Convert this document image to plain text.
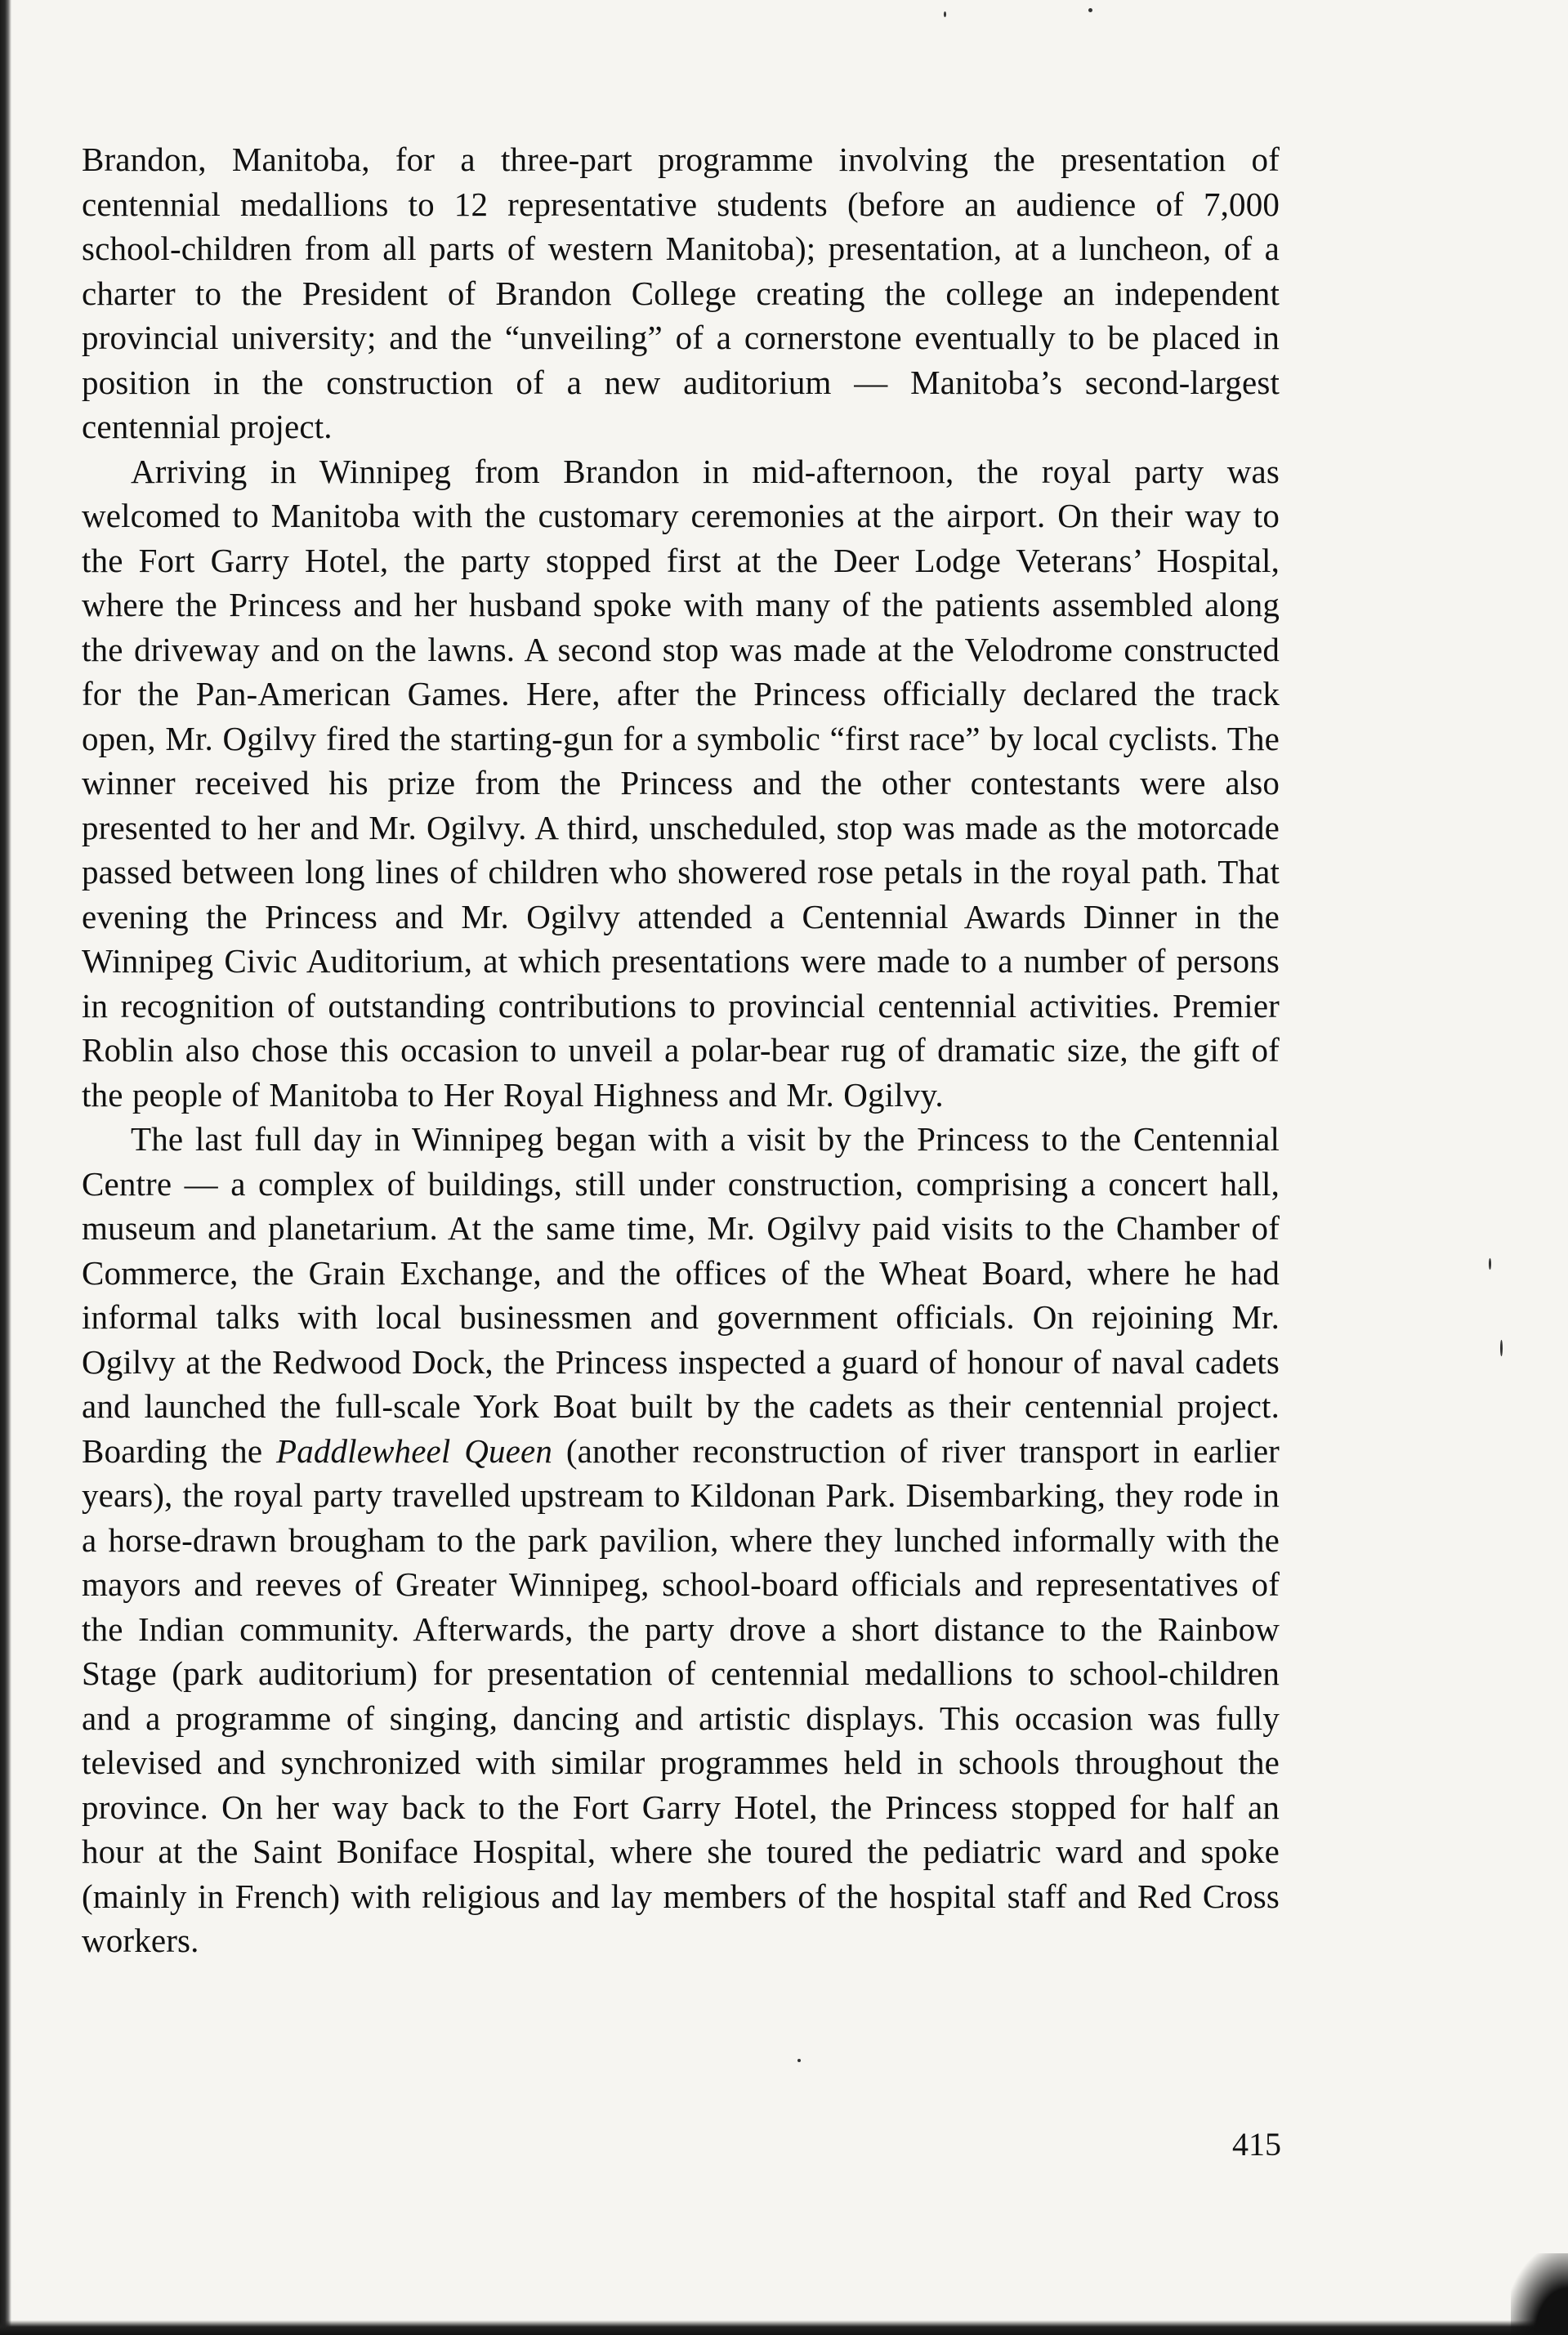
Brandon, Manitoba, for a three-part programme involving the presentation of centennial medallions to 12 representative students (before an audience of 7,000 school-children from all parts of western Manitoba); presentation, at a luncheon, of a charter to the President of Brandon College creating the college an independent provincial university; and the “unveiling” of a cornerstone eventually to be placed in position in the construction of a new auditorium — Manitoba’s second-largest centennial project.

Arriving in Winnipeg from Brandon in mid-afternoon, the royal party was welcomed to Manitoba with the customary ceremonies at the airport. On their way to the Fort Garry Hotel, the party stopped first at the Deer Lodge Veterans’ Hospital, where the Princess and her husband spoke with many of the patients assembled along the driveway and on the lawns. A second stop was made at the Velodrome constructed for the Pan-American Games. Here, after the Princess officially declared the track open, Mr. Ogilvy fired the starting-gun for a symbolic “first race” by local cyclists. The winner received his prize from the Princess and the other contestants were also presented to her and Mr. Ogilvy. A third, unscheduled, stop was made as the motorcade passed between long lines of children who showered rose petals in the royal path. That evening the Princess and Mr. Ogilvy attended a Centennial Awards Dinner in the Winnipeg Civic Auditorium, at which presentations were made to a number of persons in recognition of outstanding contributions to provincial centennial activities. Premier Roblin also chose this occasion to unveil a polar-bear rug of dramatic size, the gift of the people of Manitoba to Her Royal Highness and Mr. Ogilvy.

The last full day in Winnipeg began with a visit by the Princess to the Centennial Centre — a complex of buildings, still under construction, comprising a concert hall, museum and planetarium. At the same time, Mr. Ogilvy paid visits to the Chamber of Commerce, the Grain Exchange, and the offices of the Wheat Board, where he had informal talks with local businessmen and government officials. On rejoining Mr. Ogilvy at the Redwood Dock, the Princess inspected a guard of honour of naval cadets and launched the full-scale York Boat built by the cadets as their centennial project. Boarding the Paddlewheel Queen (another reconstruction of river transport in earlier years), the royal party travelled upstream to Kildonan Park. Disembarking, they rode in a horse-drawn brougham to the park pavilion, where they lunched informally with the mayors and reeves of Greater Winnipeg, school-board officials and representatives of the Indian community. Afterwards, the party drove a short distance to the Rainbow Stage (park auditorium) for presentation of centennial medallions to school-children and a programme of singing, dancing and artistic displays. This occasion was fully televised and synchronized with similar programmes held in schools throughout the province. On her way back to the Fort Garry Hotel, the Princess stopped for half an hour at the Saint Boniface Hospital, where she toured the pediatric ward and spoke (mainly in French) with religious and lay members of the hospital staff and Red Cross workers.

415
